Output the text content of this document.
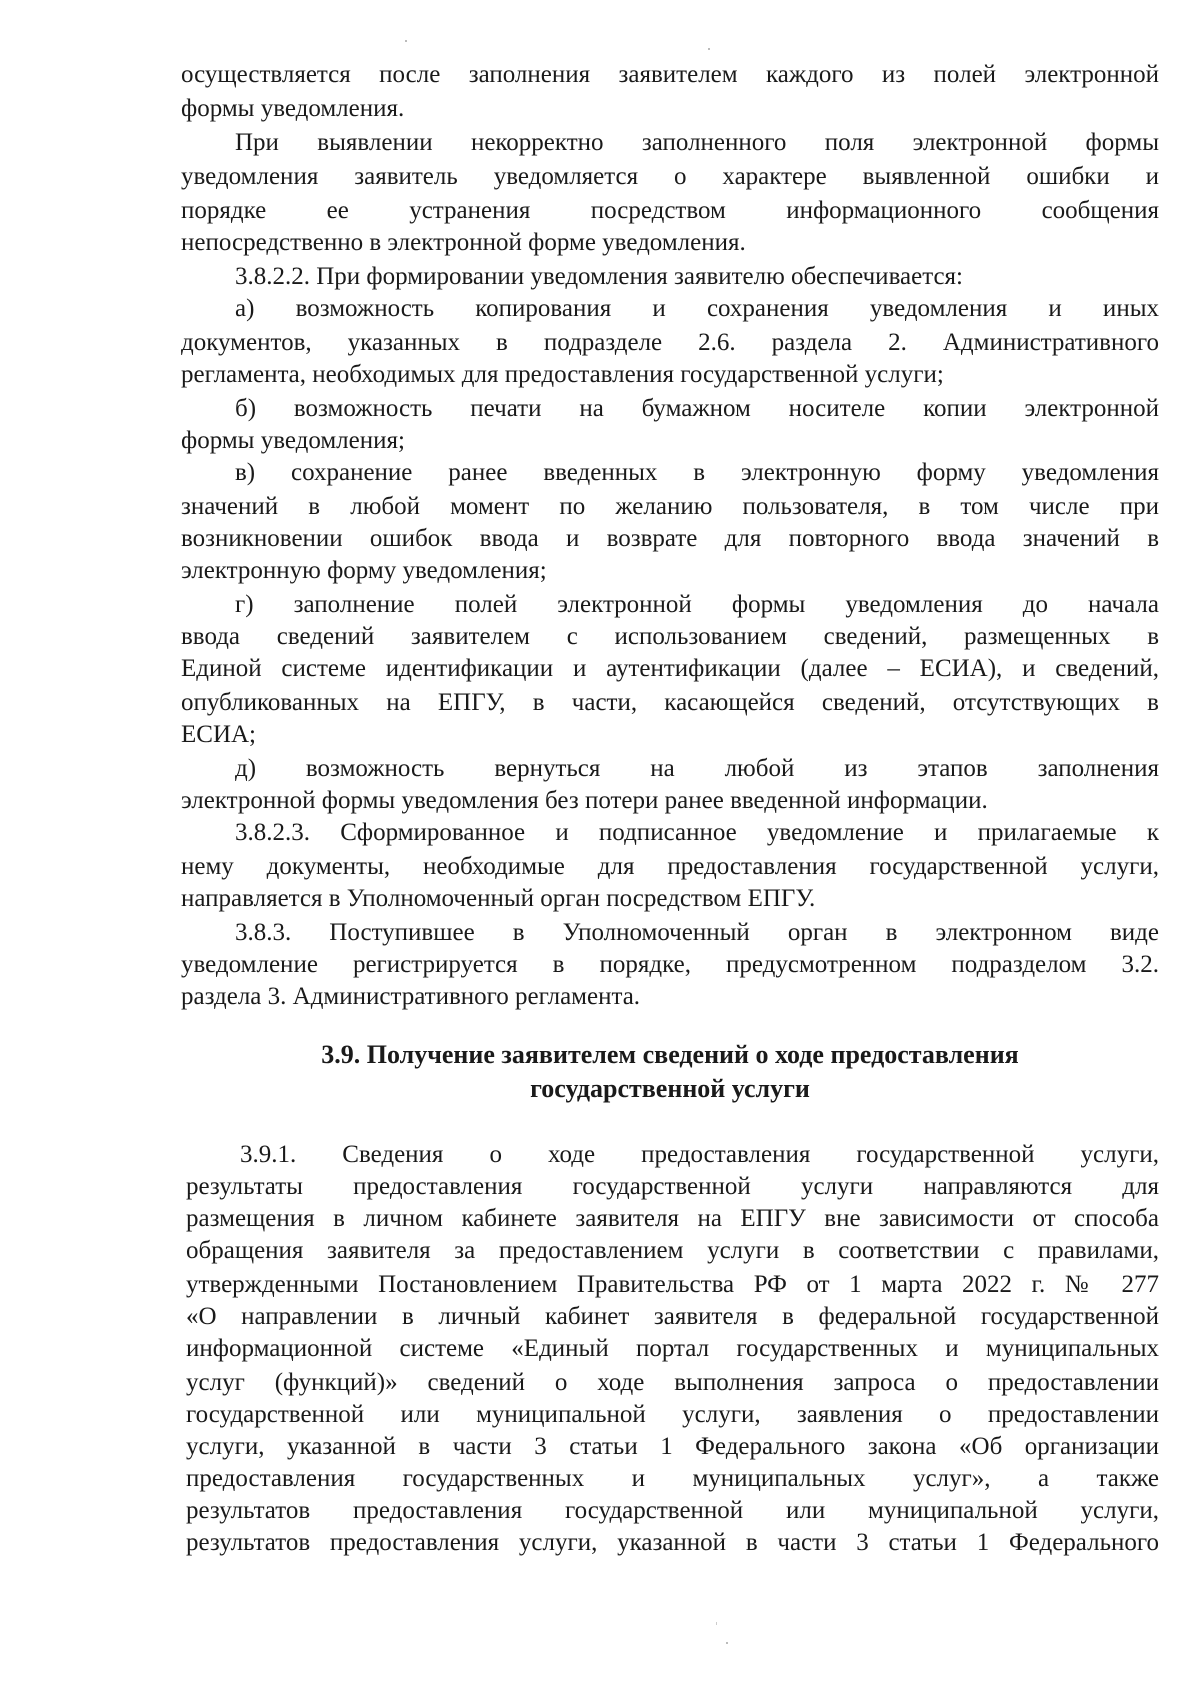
осуществляется после заполнения заявителем каждого из полей электронной
формы уведомления.
При выявлении некорректно заполненного поля электронной формы
уведомления заявитель уведомляется о характере выявленной ошибки и
порядке ее устранения посредством информационного сообщения
непосредственно в электронной форме уведомления.
3.8.2.2. При формировании уведомления заявителю обеспечивается:
а) возможность копирования и сохранения уведомления и иных
документов, указанных в подразделе 2.6. раздела 2. Административного
регламента, необходимых для предоставления государственной услуги;
б) возможность печати на бумажном носителе копии электронной
формы уведомления;
в) сохранение ранее введенных в электронную форму уведомления
значений в любой момент по желанию пользователя, в том числе при
возникновении ошибок ввода и возврате для повторного ввода значений в
электронную форму уведомления;
г) заполнение полей электронной формы уведомления до начала
ввода сведений заявителем с использованием сведений, размещенных в
Единой системе идентификации и аутентификации (далее – ЕСИА), и сведений,
опубликованных на ЕПГУ, в части, касающейся сведений, отсутствующих в
ЕСИА;
д) возможность вернуться на любой из этапов заполнения
электронной формы уведомления без потери ранее введенной информации.
3.8.2.3. Сформированное и подписанное уведомление и прилагаемые к
нему документы, необходимые для предоставления государственной услуги,
направляется в Уполномоченный орган посредством ЕПГУ.
3.8.3. Поступившее в Уполномоченный орган в электронном виде
уведомление регистрируется в порядке, предусмотренном подразделом 3.2.
раздела 3. Административного регламента.
3.9. Получение заявителем сведений о ходе предоставления
государственной услуги
3.9.1. Сведения о ходе предоставления государственной услуги,
результаты предоставления государственной услуги направляются для
размещения в личном кабинете заявителя на ЕПГУ вне зависимости от способа
обращения заявителя за предоставлением услуги в соответствии с правилами,
утвержденными Постановлением Правительства РФ от 1 марта 2022 г. № 277
«О направлении в личный кабинет заявителя в федеральной государственной
информационной системе «Единый портал государственных и муниципальных
услуг (функций)» сведений о ходе выполнения запроса о предоставлении
государственной или муниципальной услуги, заявления о предоставлении
услуги, указанной в части 3 статьи 1 Федерального закона «Об организации
предоставления государственных и муниципальных услуг», а также
результатов предоставления государственной или муниципальной услуги,
результатов предоставления услуги, указанной в части 3 статьи 1 Федерального
